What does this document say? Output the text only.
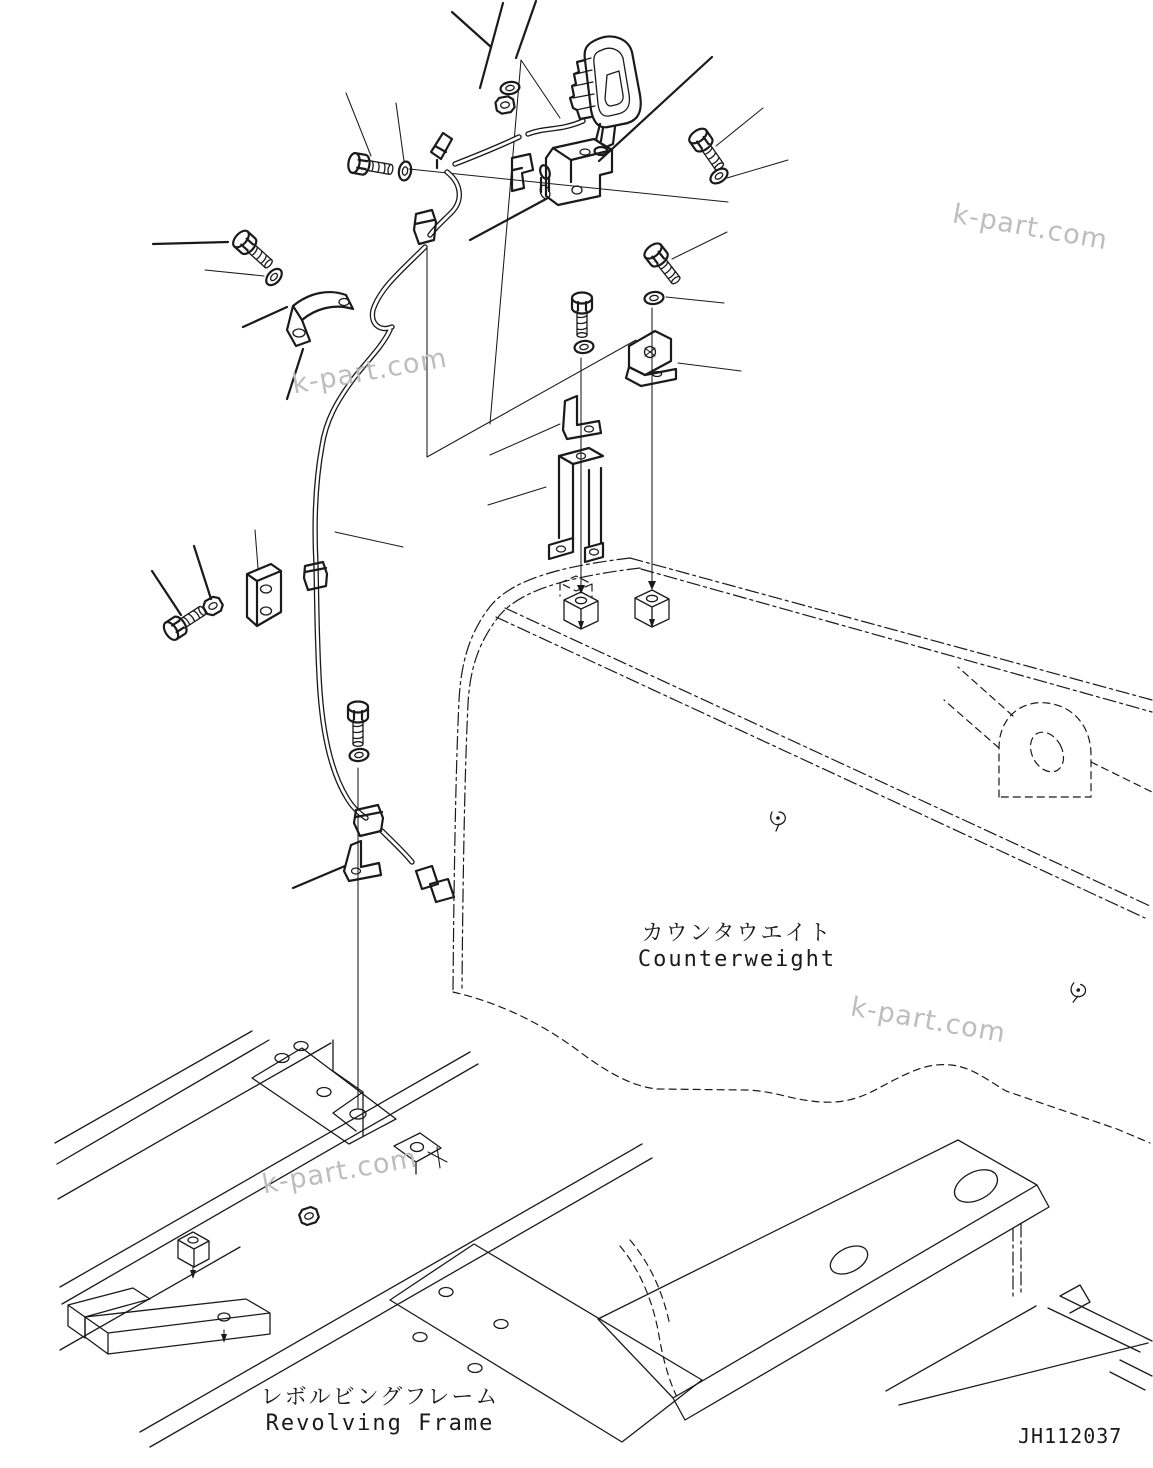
k-part.com
k-part.com
k-part.com
k-part.com
カウンタウエイト
Counterweight
レボルビングフレーム
Revolving Frame	JH112037
